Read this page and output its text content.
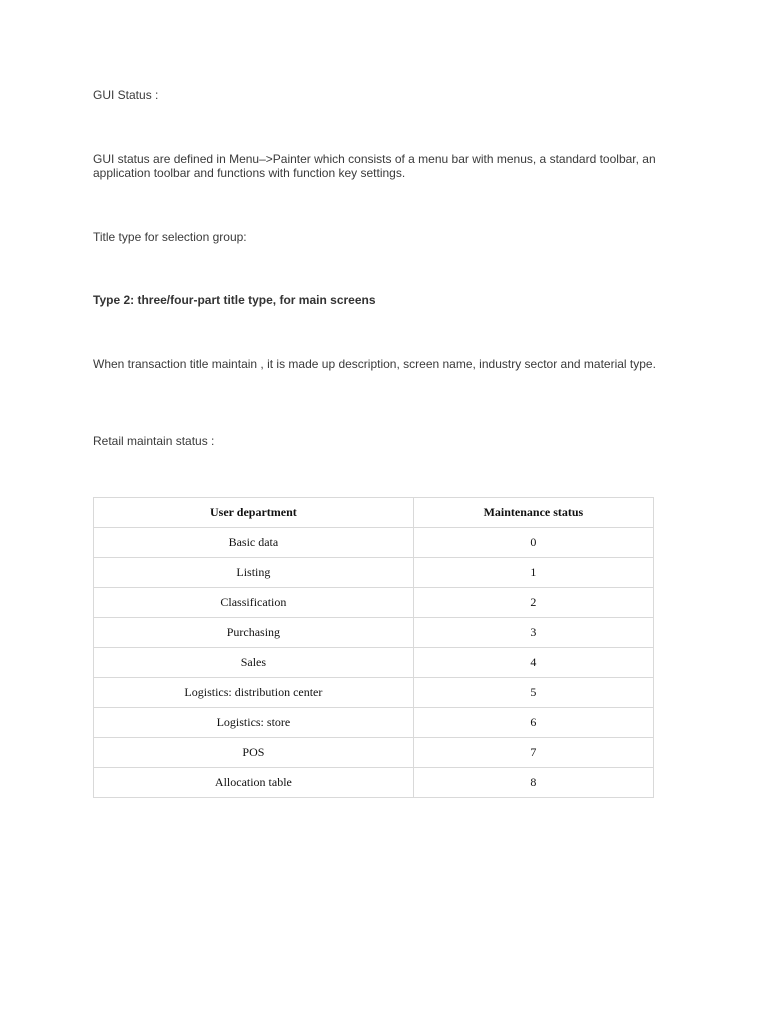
GUI Status :

GUI status are defined in Menu–>Painter which consists of a menu bar with menus, a standard toolbar, an application toolbar and functions with function key settings.

Title type for selection group:

Type 2: three/four-part title type, for main screens

When transaction title maintain , it is made up description, screen name, industry sector and material type.

Retail maintain status :

User department	Maintenance status
Basic data	0
Listing	1
Classification	2
Purchasing	3
Sales	4
Logistics: distribution center	5
Logistics: store	6
POS	7
Allocation table	8
